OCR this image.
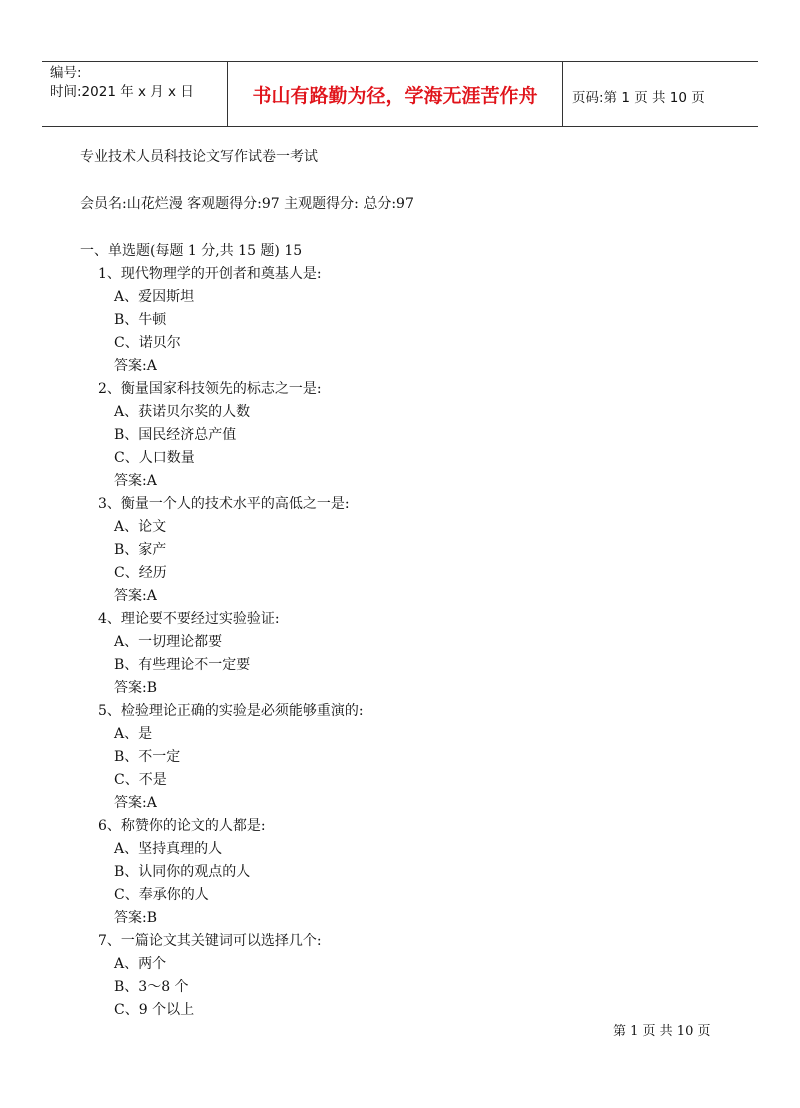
编号:
时间:2021 年 x 月 x 日	书山有路勤为径，学海无涯苦作舟	页码:第 1 页 共 10 页
专业技术人员科技论文写作试卷一考试
会员名:山花烂漫 客观题得分:97 主观题得分: 总分:97
一、单选题(每题 1 分,共 15 题) 15
1、现代物理学的开创者和奠基人是:
A、爱因斯坦
B、牛顿
C、诺贝尔
答案:A
2、衡量国家科技领先的标志之一是:
A、获诺贝尔奖的人数
B、国民经济总产值
C、人口数量
答案:A
3、衡量一个人的技术水平的高低之一是:
A、论文
B、家产
C、经历
答案:A
4、理论要不要经过实验验证:
A、一切理论都要
B、有些理论不一定要
答案:B
5、检验理论正确的实验是必须能够重演的:
A、是
B、不一定
C、不是
答案:A
6、称赞你的论文的人都是:
A、坚持真理的人
B、认同你的观点的人
C、奉承你的人
答案:B
7、一篇论文其关键词可以选择几个:
A、两个
B、3～8 个
C、9 个以上
第 1 页 共 10 页
